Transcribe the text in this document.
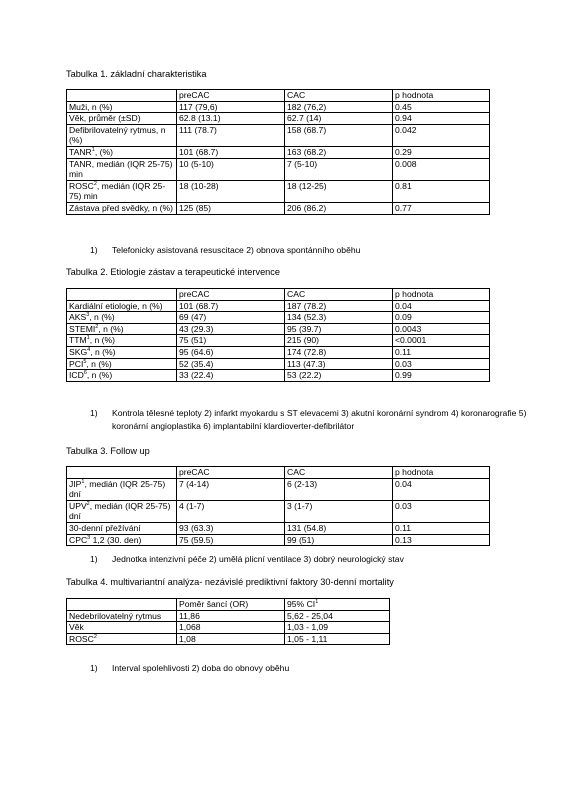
Tabulka 1. základní charakteristika
	preCAC	CAC	p hodnota
Muži, n (%)	117 (79,6)	182 (76,2)	0.45
Věk, průměr (±SD)	62.8 (13.1)	62.7 (14)	0.94
Defibrilovatelný rytmus, n (%)	111 (78.7)	158 (68.7)	0.042
TANR$^1$, (%)	101 (68.7)	163 (68.2)	0.29
TANR, medián (IQR 25-75) min	10 (5-10)	7 (5-10)	0.008
ROSC$^2$, medián (IQR 25-75) min	18 (10-28)	18 (12-25)	0.81
Zástava před svědky, n (%)	125 (85)	206 (86.2)	0.77
1) Telefonicky asistovaná resuscitace 2) obnova spontánního oběhu
Tabulka 2. Etiologie zástav a terapeutické intervence
	preCAC	CAC	p hodnota
Kardiální etiologie, n (%)	101 (68.7)	187 (78.2)	0.04
AKS$^3$, n (%)	69 (47)	134 (52.3)	0.09
STEMI$^2$, n (%)	43 (29.3)	95 (39.7)	0.0043
TTM$^1$, n (%)	75 (51)	215 (90)	<0.0001
SKG$^4$, n (%)	95 (64.6)	174 (72.8)	0.11
PCI$^5$, n (%)	52 (35.4)	113 (47.3)	0.03
ICD$^6$, n (%)	33 (22.4)	53 (22.2)	0.99
1) Kontrola tělesné teploty 2) infarkt myokardu s ST elevacemi 3) akutní koronární syndrom 4) koronarografie 5) koronární angioplastika 6) implantabilní klardioverter-defibrilátor
Tabulka 3. Follow up
	preCAC	CAC	p hodnota
JIP$^1$, medián (IQR 25-75) dní	7 (4-14)	6 (2-13)	0.04
UPV$^2$, medián (IQR 25-75) dní	4 (1-7)	3 (1-7)	0.03
30-denní přežívání	93 (63.3)	131 (54.8)	0.11
CPC$^3$ 1,2 (30. den)	75 (59.5)	99 (51)	0.13
1) Jednotka intenzivní péče 2) umělá plicní ventilace 3) dobrý neurologický stav
Tabulka 4. multivariantní analýza- nezávislé prediktivní faktory 30-denní mortality
	Poměr šancí (OR)	95% $CI^1$
Nedebrilovatelný rytmus	11,86	5,62 - 25,04
Věk	1,068	1,03 - 1,09
ROSC$^2$	1,08	1,05 - 1,11
1) Interval spolehlivosti 2) doba do obnovy oběhu
